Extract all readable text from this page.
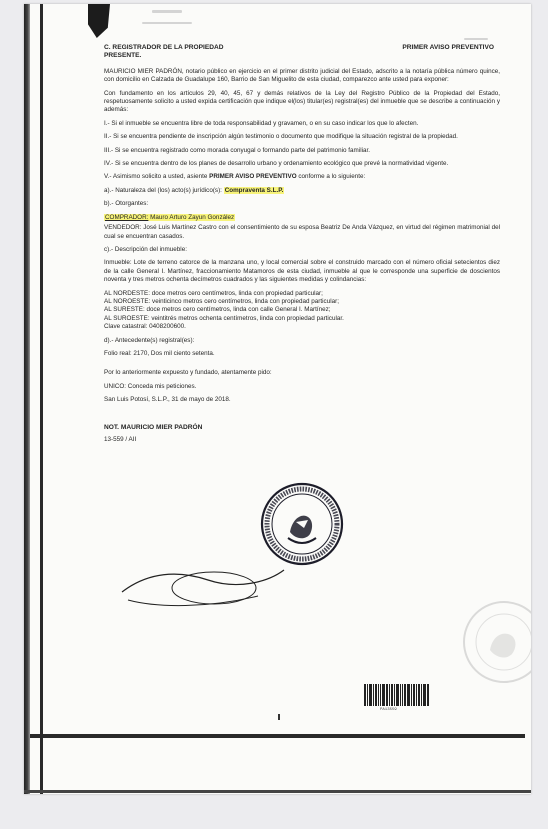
C. REGISTRADOR DE LA PROPIEDAD
PRESENTE.
PRIMER AVISO PREVENTIVO

MAURICIO MIER PADRÓN, notario público en ejercicio en el primer distrito judicial del Estado, adscrito a la notaría pública número quince, con domicilio en Calzada de Guadalupe 160, Barrio de San Miguelito de esta ciudad, comparezco ante usted para exponer:

Con fundamento en los artículos 29, 40, 45, 67 y demás relativos de la Ley del Registro Público de la Propiedad del Estado, respetuosamente solicito a usted expida certificación que indique el(los) titular(es) registral(es) del inmueble que se describe a continuación y además:

I.- Si el inmueble se encuentra libre de toda responsabilidad y gravamen, o en su caso indicar los que lo afecten.

II.- Si se encuentra pendiente de inscripción algún testimonio o documento que modifique la situación registral de la propiedad.

III.- Si se encuentra registrado como morada conyugal o formando parte del patrimonio familiar.

IV.- Si se encuentra dentro de los planes de desarrollo urbano y ordenamiento ecológico que prevé la normatividad vigente.

V.- Asimismo solicito a usted, asiente PRIMER AVISO PREVENTIVO conforme a lo siguiente:

a).- Naturaleza del (los) acto(s) jurídico(s): Compraventa S.L.P.

b).- Otorgantes:

COMPRADOR: Mauro Arturo Zayun González

VENDEDOR: José Luis Martínez Castro con el consentimiento de su esposa Beatriz De Anda Vázquez, en virtud del régimen matrimonial del cual se encuentran casados.

c).- Descripción del inmueble:

Inmueble: Lote de terreno catorce de la manzana uno, y local comercial sobre el construido marcado con el número oficial setecientos diez de la calle General I. Martínez, fraccionamiento Matamoros de esta ciudad, inmueble al que le corresponde una superficie de doscientos noventa y tres metros ochenta decímetros cuadrados y las siguientes medidas y colindancias:

AL NORDESTE: doce metros cero centímetros, linda con propiedad particular;
AL NOROESTE: veinticinco metros cero centímetros, linda con propiedad particular;
AL SURESTE: doce metros cero centímetros, linda con calle General I. Martínez;
AL SUROESTE: veintitrés metros ochenta centímetros, linda con propiedad particular.
Clave catastral: 0408200600.

d).- Antecedente(s) registral(es):

Folio real: 2170, Dos mil ciento setenta.

Por lo anteriormente expuesto y fundado, atentamente pido:

UNICO: Conceda mis peticiones.

San Luis Potosí, S.L.P., 31 de mayo de 2018.

NOT. MAURICIO MIER PADRÓN
13-559 / AII
PA13559
